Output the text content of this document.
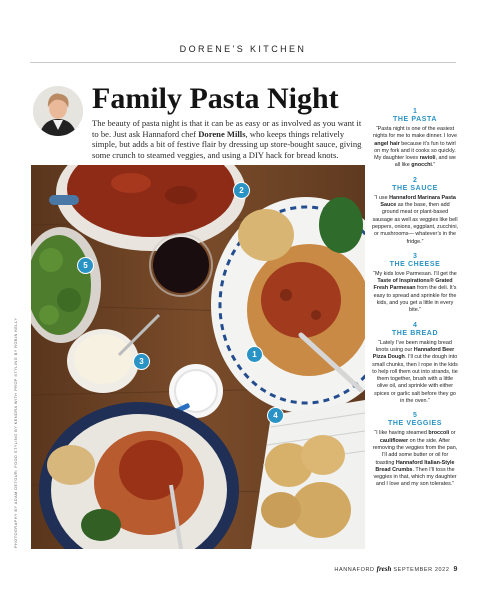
DORENE'S KITCHEN
Family Pasta Night
The beauty of pasta night is that it can be as easy or as involved as you want it to be. Just ask Hannaford chef Dorene Mills, who keeps things relatively simple, but adds a bit of festive flair by dressing up store-bought sauce, giving some crunch to steamed veggies, and using a DIY hack for bread knots.
2
5
1
3
4
PHOTOGRAPHY BY ADAM DETOUR; FOOD STYLING BY KENDRA WITH PROP STYLING BY ROBIN KELLY
1
THE PASTA
“Pasta night is one of the easiest nights for me to make dinner. I love angel hair because it’s fun to twirl on my fork and it cooks so quickly. My daughter loves ravioli, and we all like gnocchi.”
2
THE SAUCE
“I use Hannaford Marinara Pasta Sauce as the base, then add ground meat or plant-based sausage as well as veggies like bell peppers, onions, eggplant, zucchini, or mushrooms— whatever’s in the fridge.”
3
THE CHEESE
“My kids love Parmesan. I’ll get the Taste of Inspirations® Grated Fresh Parmesan from the deli. It’s easy to spread and sprinkle for the kids, and you get a little in every bite.”
4
THE BREAD
“Lately I’ve been making bread knots using our Hannaford Beer Pizza Dough. I’ll cut the dough into small chunks, then I rope in the kids to help roll them out into strands, tie them together, brush with a little olive oil, and sprinkle with either spices or garlic salt before they go in the oven.”
5
THE VEGGIES
“I like having steamed broccoli or cauliflower on the side. After removing the veggies from the pan, I’ll add some butter or oil for toasting Hannaford Italian-Style Bread Crumbs. Then I’ll toss the veggies in that, which my daughter and I love and my son tolerates.”
HANNAFORD fresh SEPTEMBER 2022 9
